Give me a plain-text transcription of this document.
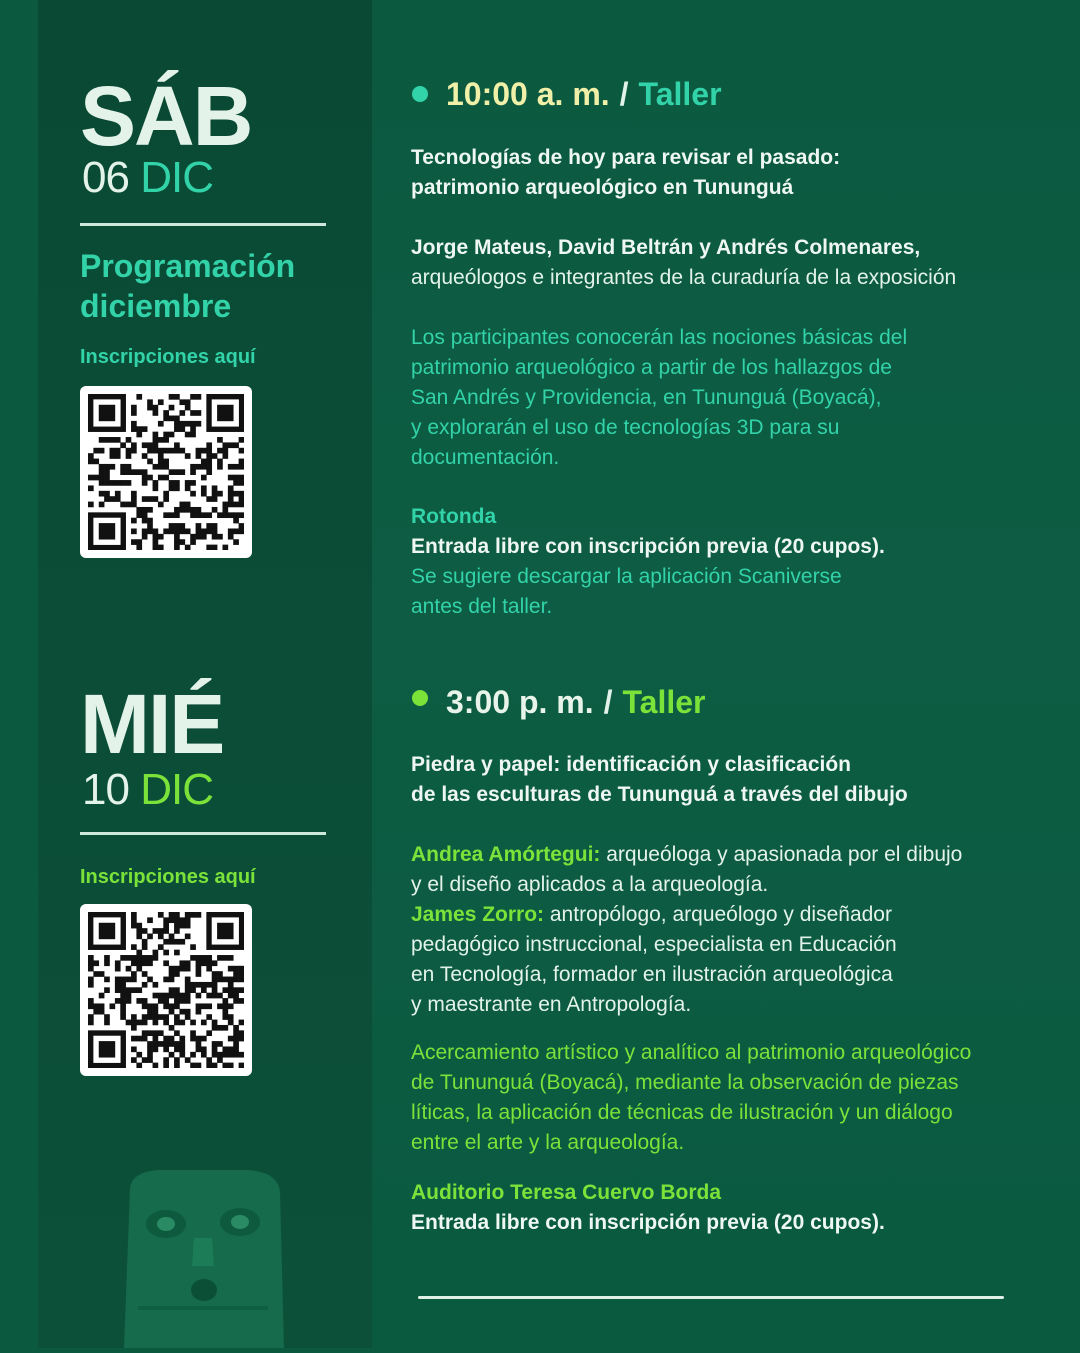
SÁB
06 DIC
Programación diciembre
Inscripciones aquí
MIÉ
10 DIC
Inscripciones aquí
10:00 a. m. / Taller
Tecnologías de hoy para revisar el pasado:
patrimonio arqueológico en Tununguá
Jorge Mateus, David Beltrán y Andrés Colmenares,
arqueólogos e integrantes de la curaduría de la exposición
Los participantes conocerán las nociones básicas del
patrimonio arqueológico a partir de los hallazgos de
San Andrés y Providencia, en Tununguá (Boyacá),
y explorarán el uso de tecnologías 3D para su
documentación.
Rotonda
Entrada libre con inscripción previa (20 cupos).
Se sugiere descargar la aplicación Scaniverse
antes del taller.
3:00 p. m. / Taller
Piedra y papel: identificación y clasificación
de las esculturas de Tununguá a través del dibujo
Andrea Amórtegui: arqueóloga y apasionada por el dibujo
y el diseño aplicados a la arqueología.
James Zorro: antropólogo, arqueólogo y diseñador
pedagógico instruccional, especialista en Educación
en Tecnología, formador en ilustración arqueológica
y maestrante en Antropología.
Acercamiento artístico y analítico al patrimonio arqueológico
de Tununguá (Boyacá), mediante la observación de piezas
líticas, la aplicación de técnicas de ilustración y un diálogo
entre el arte y la arqueología.
Auditorio Teresa Cuervo Borda
Entrada libre con inscripción previa (20 cupos).
